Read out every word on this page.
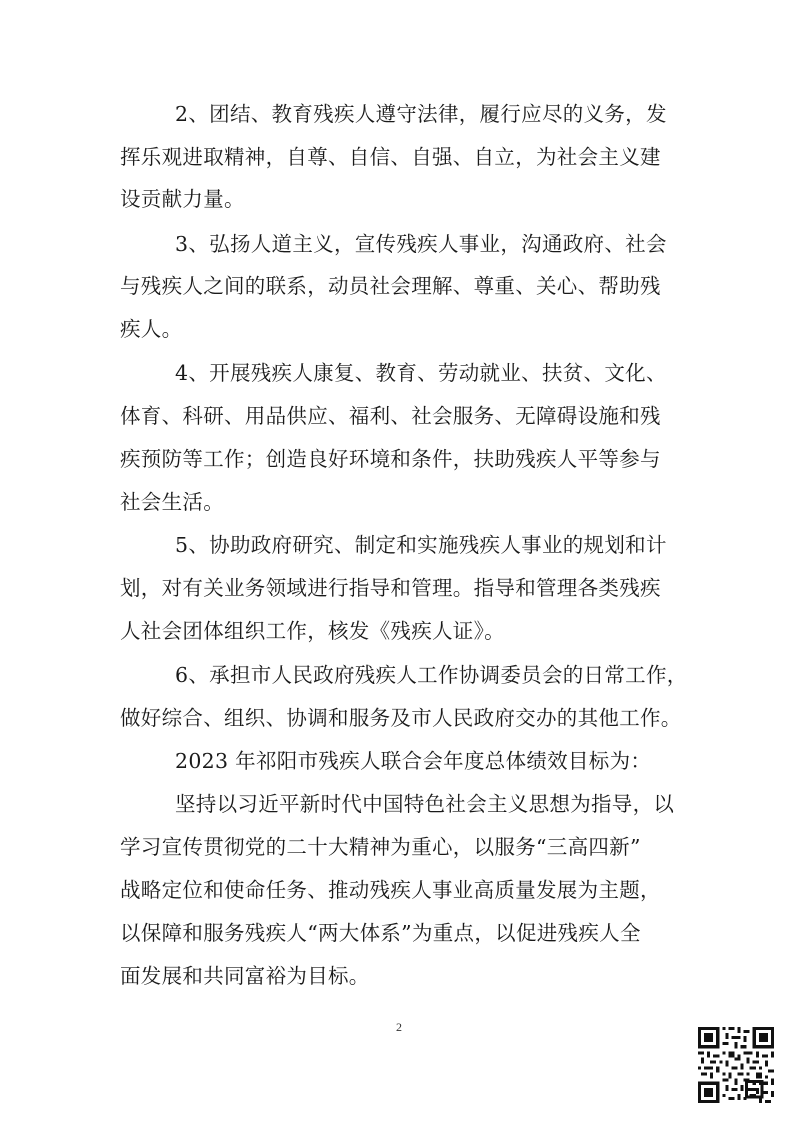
2、团结、教育残疾人遵守法律，履行应尽的义务，发
挥乐观进取精神，自尊、自信、自强、自立，为社会主义建
设贡献力量。
3、弘扬人道主义，宣传残疾人事业，沟通政府、社会
与残疾人之间的联系，动员社会理解、尊重、关心、帮助残
疾人。
4、开展残疾人康复、教育、劳动就业、扶贫、文化、
体育、科研、用品供应、福利、社会服务、无障碍设施和残
疾预防等工作；创造良好环境和条件，扶助残疾人平等参与
社会生活。
5、协助政府研究、制定和实施残疾人事业的规划和计
划，对有关业务领域进行指导和管理。指导和管理各类残疾
人社会团体组织工作，核发《残疾人证》。
6、承担市人民政府残疾人工作协调委员会的日常工作，
做好综合、组织、协调和服务及市人民政府交办的其他工作。
2023 年祁阳市残疾人联合会年度总体绩效目标为：
坚持以习近平新时代中国特色社会主义思想为指导，以
学习宣传贯彻党的二十大精神为重心，以服务“三高四新”
战略定位和使命任务、推动残疾人事业高质量发展为主题，
以保障和服务残疾人“两大体系”为重点，以促进残疾人全
面发展和共同富裕为目标。
2
